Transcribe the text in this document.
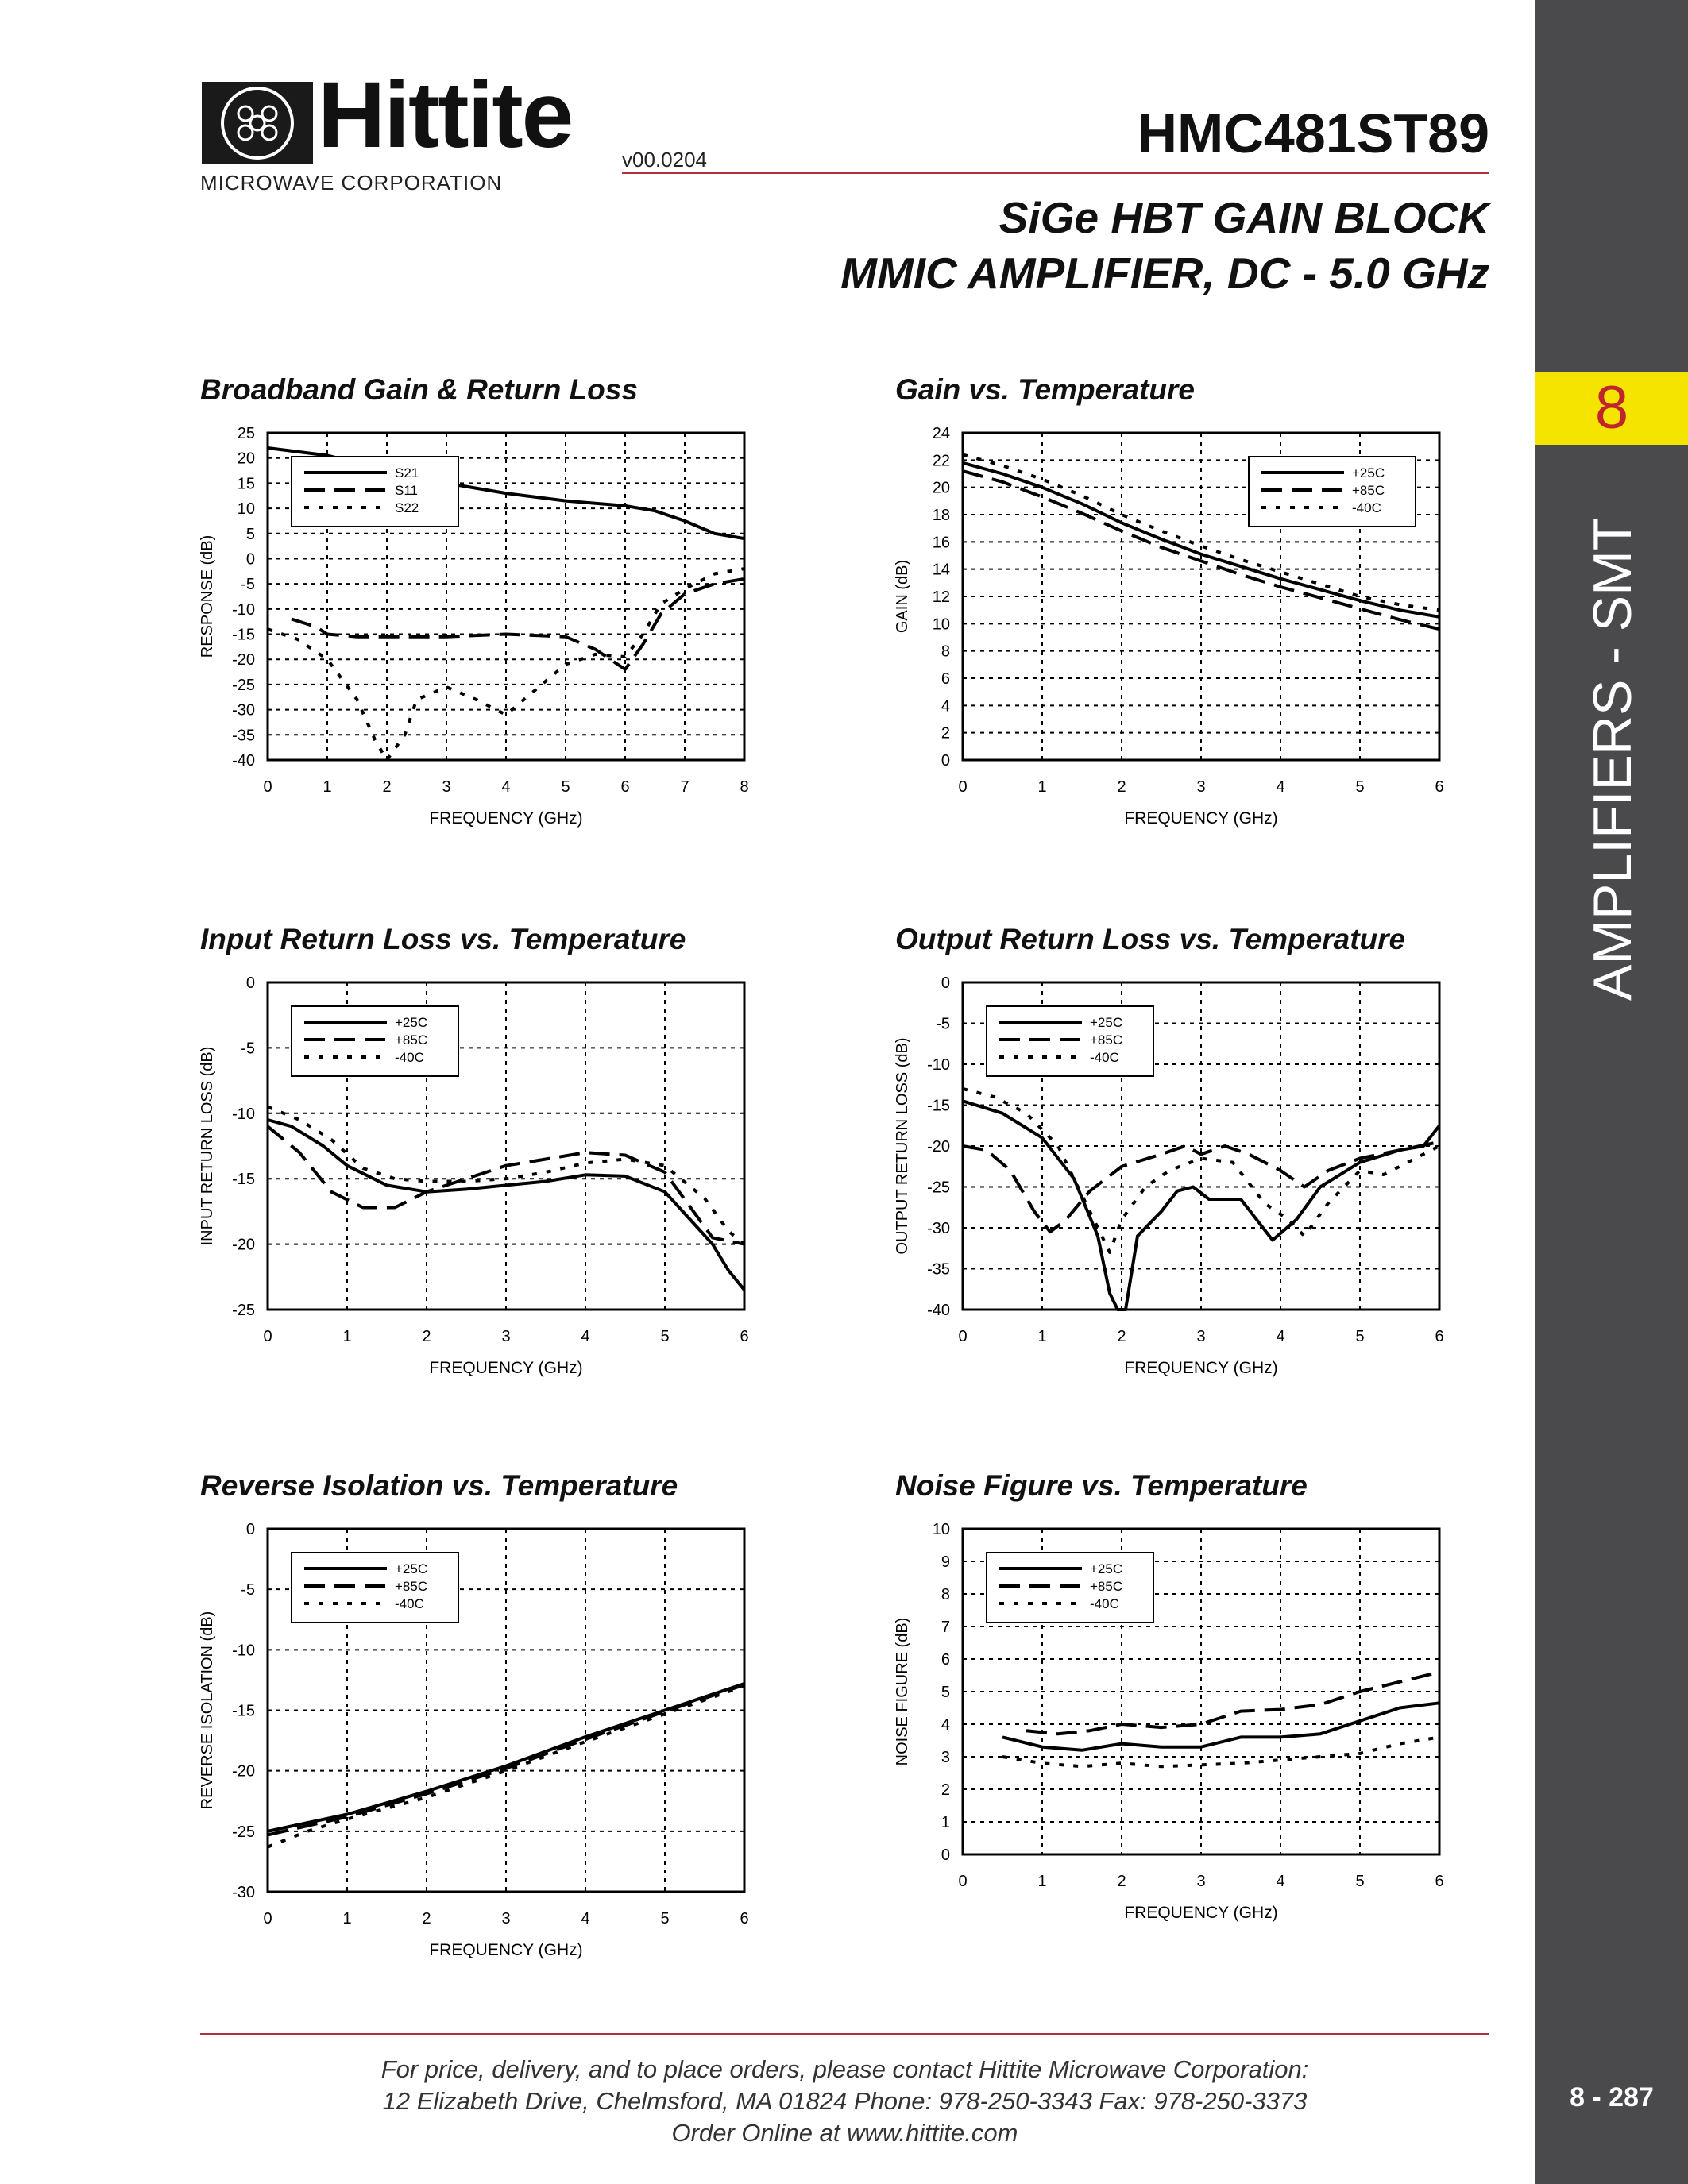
8
AMPLIFIERS - SMT
8 - 287
Hittite
MICROWAVE CORPORATION
v00.0204	HMC481ST89
SiGe HBT GAIN BLOCK
MMIC AMPLIFIER, DC - 5.0 GHz
Broadband Gain & Return Loss	Gain vs. Temperature
Input Return Loss vs. Temperature	Output Return Loss vs. Temperature
Reverse Isolation vs. Temperature	Noise Figure vs. Temperature
0	1	2	3	4	5	6	7	8
25
20
15
10
5
0
-5
-10
-15
-20
-25
-30
-35
-40
FREQUENCY (GHz)
RESPONSE (dB)
S21
S11
S22
0	1	2	3	4	5	6
24
22
20
18
16
14
12
10
8
6
4
2
0
FREQUENCY (GHz)
GAIN (dB)
+25C
+85C
-40C
0	1	2	3	4	5	6
0
-5
-10
-15
-20
-25
FREQUENCY (GHz)
INPUT RETURN LOSS (dB)
+25C
+85C
-40C
0	1	2	3	4	5	6
0
-5
-10
-15
-20
-25
-30
-35
-40
FREQUENCY (GHz)
OUTPUT RETURN LOSS (dB)
+25C
+85C
-40C
0	1	2	3	4	5	6
0
-5
-10
-15
-20
-25
-30
FREQUENCY (GHz)
REVERSE ISOLATION (dB)
+25C
+85C
-40C
0	1	2	3	4	5	6
10
9
8
7
6
5
4
3
2
1
0
FREQUENCY (GHz)
NOISE FIGURE (dB)
+25C
+85C
-40C
For price, delivery, and to place orders, please contact Hittite Microwave Corporation:
12 Elizabeth Drive, Chelmsford, MA 01824 Phone: 978-250-3343 Fax: 978-250-3373
Order Online at www.hittite.com
